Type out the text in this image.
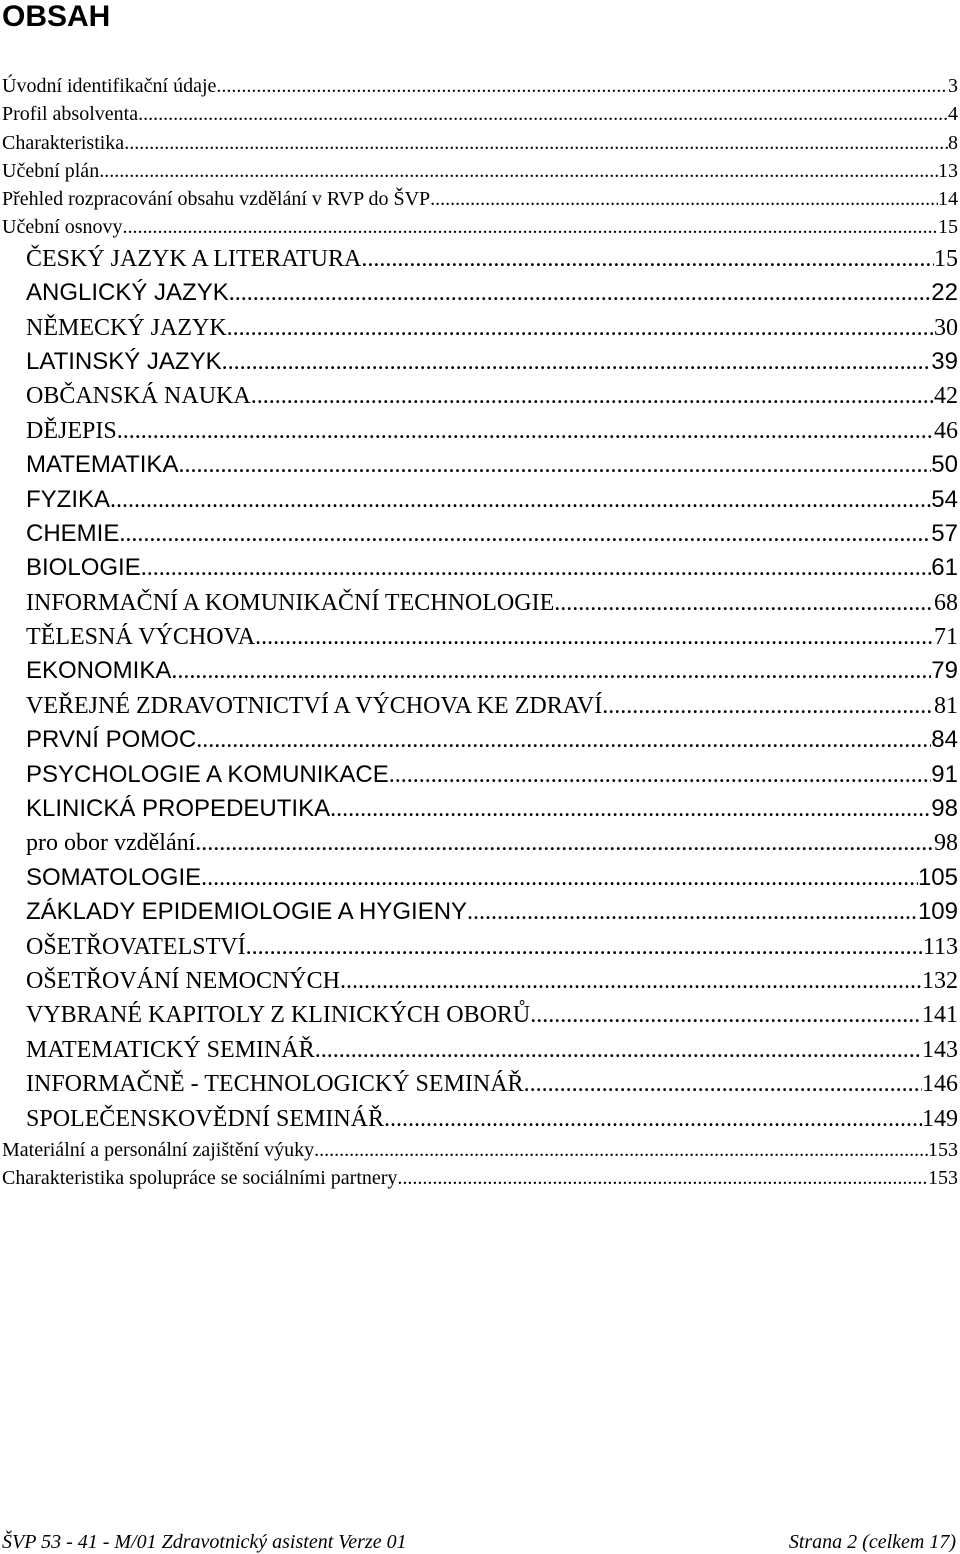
OBSAH
Úvodní identifikační údaje .....	3
Profil absolventa .....	4
Charakteristika .....	8
Učební plán .....	13
Přehled rozpracování obsahu vzdělání v RVP do ŠVP .....	14
Učební osnovy .....	15
ČESKÝ JAZYK A LITERATURA .....	15
ANGLICKÝ JAZYK .....	22
NĚMECKÝ JAZYK .....	30
LATINSKÝ JAZYK .....	39
OBČANSKÁ NAUKA .....	42
DĚJEPIS .....	46
MATEMATIKA .....	50
FYZIKA .....	54
CHEMIE .....	57
BIOLOGIE .....	61
INFORMAČNÍ A KOMUNIKAČNÍ TECHNOLOGIE .....	68
TĚLESNÁ VÝCHOVA .....	71
EKONOMIKA .....	79
VEŘEJNÉ ZDRAVOTNICTVÍ A VÝCHOVA KE ZDRAVÍ .....	81
PRVNÍ POMOC .....	84
PSYCHOLOGIE A KOMUNIKACE .....	91
KLINICKÁ PROPEDEUTIKA .....	98
pro obor vzdělání .....	98
SOMATOLOGIE .....	105
ZÁKLADY EPIDEMIOLOGIE A HYGIENY .....	109
OŠETŘOVATELSTVÍ .....	113
OŠETŘOVÁNÍ NEMOCNÝCH .....	132
VYBRANÉ KAPITOLY Z KLINICKÝCH OBORŮ .....	141
MATEMATICKÝ SEMINÁŘ .....	143
INFORMAČNĚ - TECHNOLOGICKÝ SEMINÁŘ .....	146
SPOLEČENSKOVĚDNÍ SEMINÁŘ .....	149
Materiální a personální zajištění výuky .....	153
Charakteristika spolupráce se sociálními partnery .....	153
ŠVP 53 - 41 - M/01 Zdravotnický asistent Verze 01	Strana 2 (celkem 17)
